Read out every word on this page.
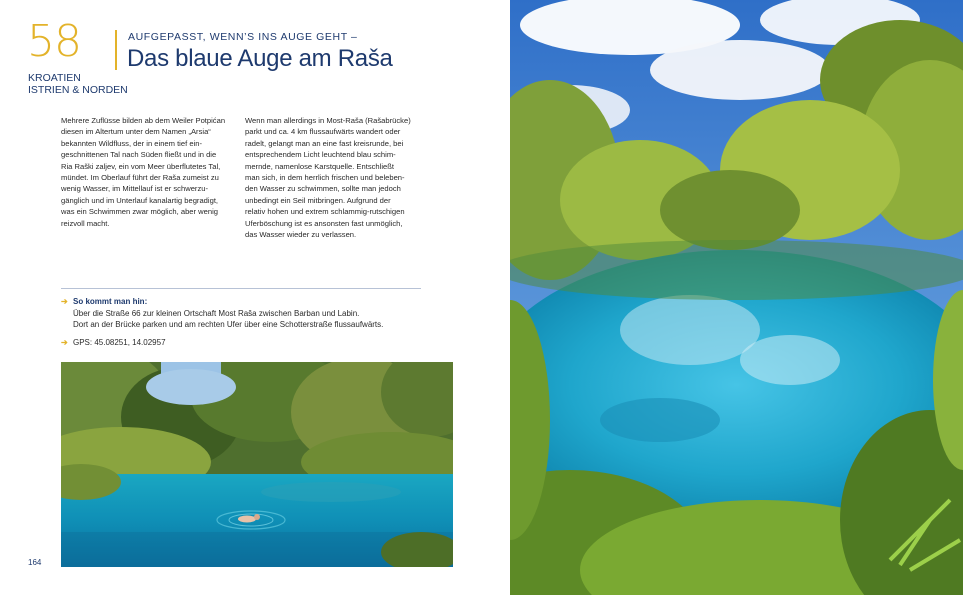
58
KROATIEN
ISTRIEN & NORDEN
AUFGEPASST, WENN’S INS AUGE GEHT –
Das blaue Auge am Raša
Mehrere Zuflüsse bilden ab dem Weiler Potpićan
diesen im Altertum unter dem Namen „Arsia“
bekannten Wildfluss, der in einem tief ein-
geschnittenen Tal nach Süden fließt und in die
Ria Raški zaljev, ein vom Meer überflutetes Tal,
mündet. Im Oberlauf führt der Raša zumeist zu
wenig Wasser, im Mittellauf ist er schwerzu-
gänglich und im Unterlauf kanalartig begradigt,
was ein Schwimmen zwar möglich, aber wenig
reizvoll macht.
Wenn man allerdings in Most-Raša (Rašabrücke)
parkt und ca. 4 km flussaufwärts wandert oder
radelt, gelangt man an eine fast kreisrunde, bei
entsprechendem Licht leuchtend blau schim-
mernde, namenlose Karstquelle. Entschließt
man sich, in dem herrlich frischen und beleben-
den Wasser zu schwimmen, sollte man jedoch
unbedingt ein Seil mitbringen. Aufgrund der
relativ hohen und extrem schlammig-rutschigen
Uferböschung ist es ansonsten fast unmöglich,
das Wasser wieder zu verlassen.
➔ So kommt man hin:
Über die Straße 66 zur kleinen Ortschaft Most Raša zwischen Barban und Labin.
Dort an der Brücke parken und am rechten Ufer über eine Schotterstraße flussaufwärts.
➔ GPS: 45.08251, 14.02957
164
